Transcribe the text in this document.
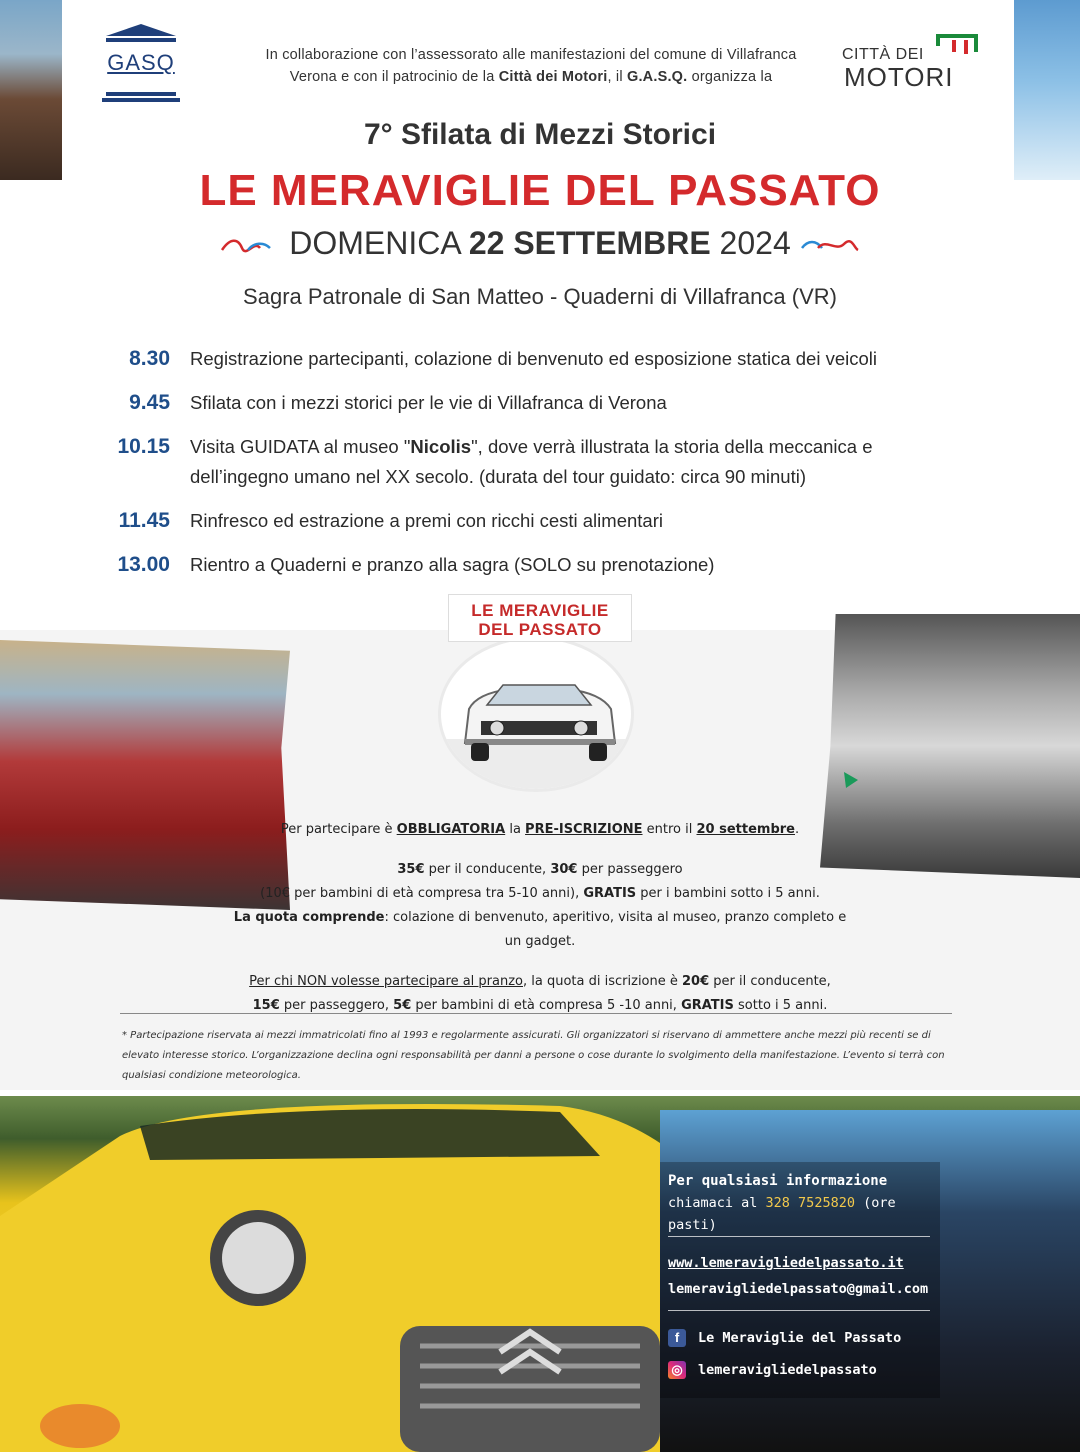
GASQ	In collaborazione con l’assessorato alle manifestazioni del comune di Villafranca
Verona e con il patrocinio de la Città dei Motori, il G.A.S.Q. organizza la
CITTÀ DEI
MOTORI
7° Sfilata di Mezzi Storici
LE MERAVIGLIE DEL PASSATO
DOMENICA 22 SETTEMBRE 2024
Sagra Patronale di San Matteo - Quaderni di Villafranca (VR)
8.30	Registrazione partecipanti, colazione di benvenuto ed esposizione statica dei veicoli
9.45	Sfilata con i mezzi storici per le vie di Villafranca di Verona
10.15	Visita GUIDATA al museo "Nicolis", dove verrà illustrata la storia della meccanica e dell’ingegno umano nel XX secolo. (durata del tour guidato: circa 90 minuti)
11.45	Rinfresco ed estrazione a premi con ricchi cesti alimentari
13.00	Rientro a Quaderni e pranzo alla sagra (SOLO su prenotazione)
LE MERAVIGLIE
DEL PASSATO
Per partecipare è OBBLIGATORIA la PRE-ISCRIZIONE entro il 20 settembre.
35€ per il conducente, 30€ per passeggero
(10€ per bambini di età compresa tra 5-10 anni), GRATIS per i bambini sotto i 5 anni.
La quota comprende: colazione di benvenuto, aperitivo, visita al museo, pranzo completo e un gadget.
Per chi NON volesse partecipare al pranzo, la quota di iscrizione è 20€ per il conducente,
15€ per passeggero, 5€ per bambini di età compresa 5 -10 anni, GRATIS sotto i 5 anni.
* Partecipazione riservata ai mezzi immatricolati fino al 1993 e regolarmente assicurati. Gli organizzatori si riservano di ammettere anche mezzi più recenti se di elevato interesse storico. L’organizzazione declina ogni responsabilità per danni a persone o cose durante lo svolgimento della manifestazione. L’evento si terrà con qualsiasi condizione meteorologica.
Per qualsiasi informazione
chiamaci al 328 7525820 (ore pasti)
www.lemeravigliedelpassato.it
lemeravigliedelpassato@gmail.com
f	Le Meraviglie del Passato
◎ lemeravigliedelpassato
